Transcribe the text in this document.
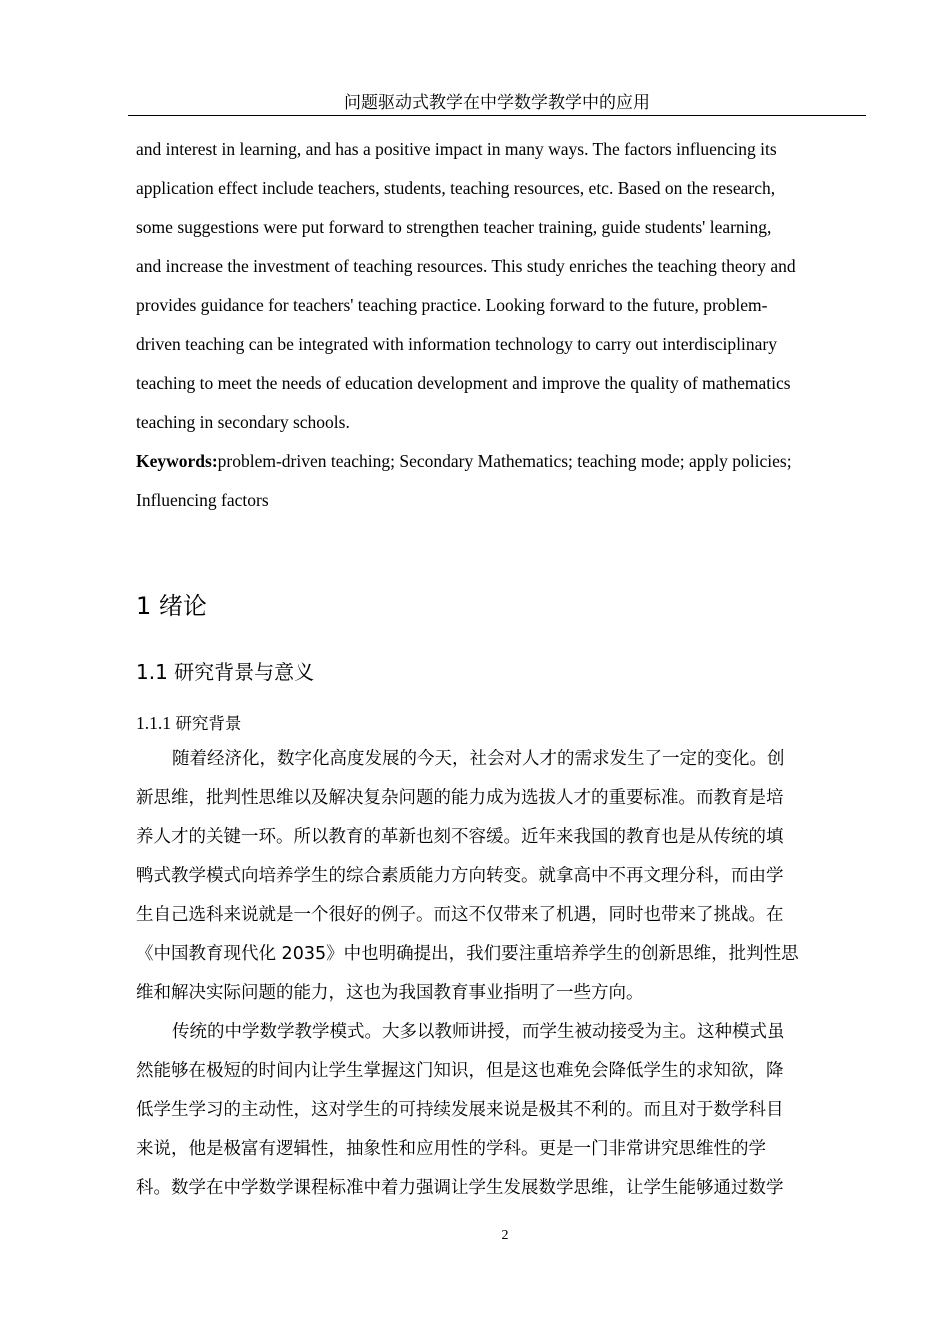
问题驱动式教学在中学数学教学中的应用
and interest in learning, and has a positive impact in many ways. The factors influencing its
application effect include teachers, students, teaching resources, etc. Based on the research,
some suggestions were put forward to strengthen teacher training, guide students' learning,
and increase the investment of teaching resources. This study enriches the teaching theory and
provides guidance for teachers' teaching practice. Looking forward to the future, problem-
driven teaching can be integrated with information technology to carry out interdisciplinary
teaching to meet the needs of education development and improve the quality of mathematics
teaching in secondary schools.
Keywords:problem-driven teaching; Secondary Mathematics; teaching mode; apply policies;
Influencing factors
1 绪论
1.1 研究背景与意义
1.1.1 研究背景
随着经济化，数字化高度发展的今天，社会对人才的需求发生了一定的变化。创
新思维，批判性思维以及解决复杂问题的能力成为选拔人才的重要标准。而教育是培
养人才的关键一环。所以教育的革新也刻不容缓。近年来我国的教育也是从传统的填
鸭式教学模式向培养学生的综合素质能力方向转变。就拿高中不再文理分科，而由学
生自己选科来说就是一个很好的例子。而这不仅带来了机遇，同时也带来了挑战。在
《中国教育现代化 2035》中也明确提出，我们要注重培养学生的创新思维，批判性思
维和解决实际问题的能力，这也为我国教育事业指明了一些方向。
传统的中学数学教学模式。大多以教师讲授，而学生被动接受为主。这种模式虽
然能够在极短的时间内让学生掌握这门知识，但是这也难免会降低学生的求知欲，降
低学生学习的主动性，这对学生的可持续发展来说是极其不利的。而且对于数学科目
来说，他是极富有逻辑性，抽象性和应用性的学科。更是一门非常讲究思维性的学
科。数学在中学数学课程标准中着力强调让学生发展数学思维，让学生能够通过数学
2
